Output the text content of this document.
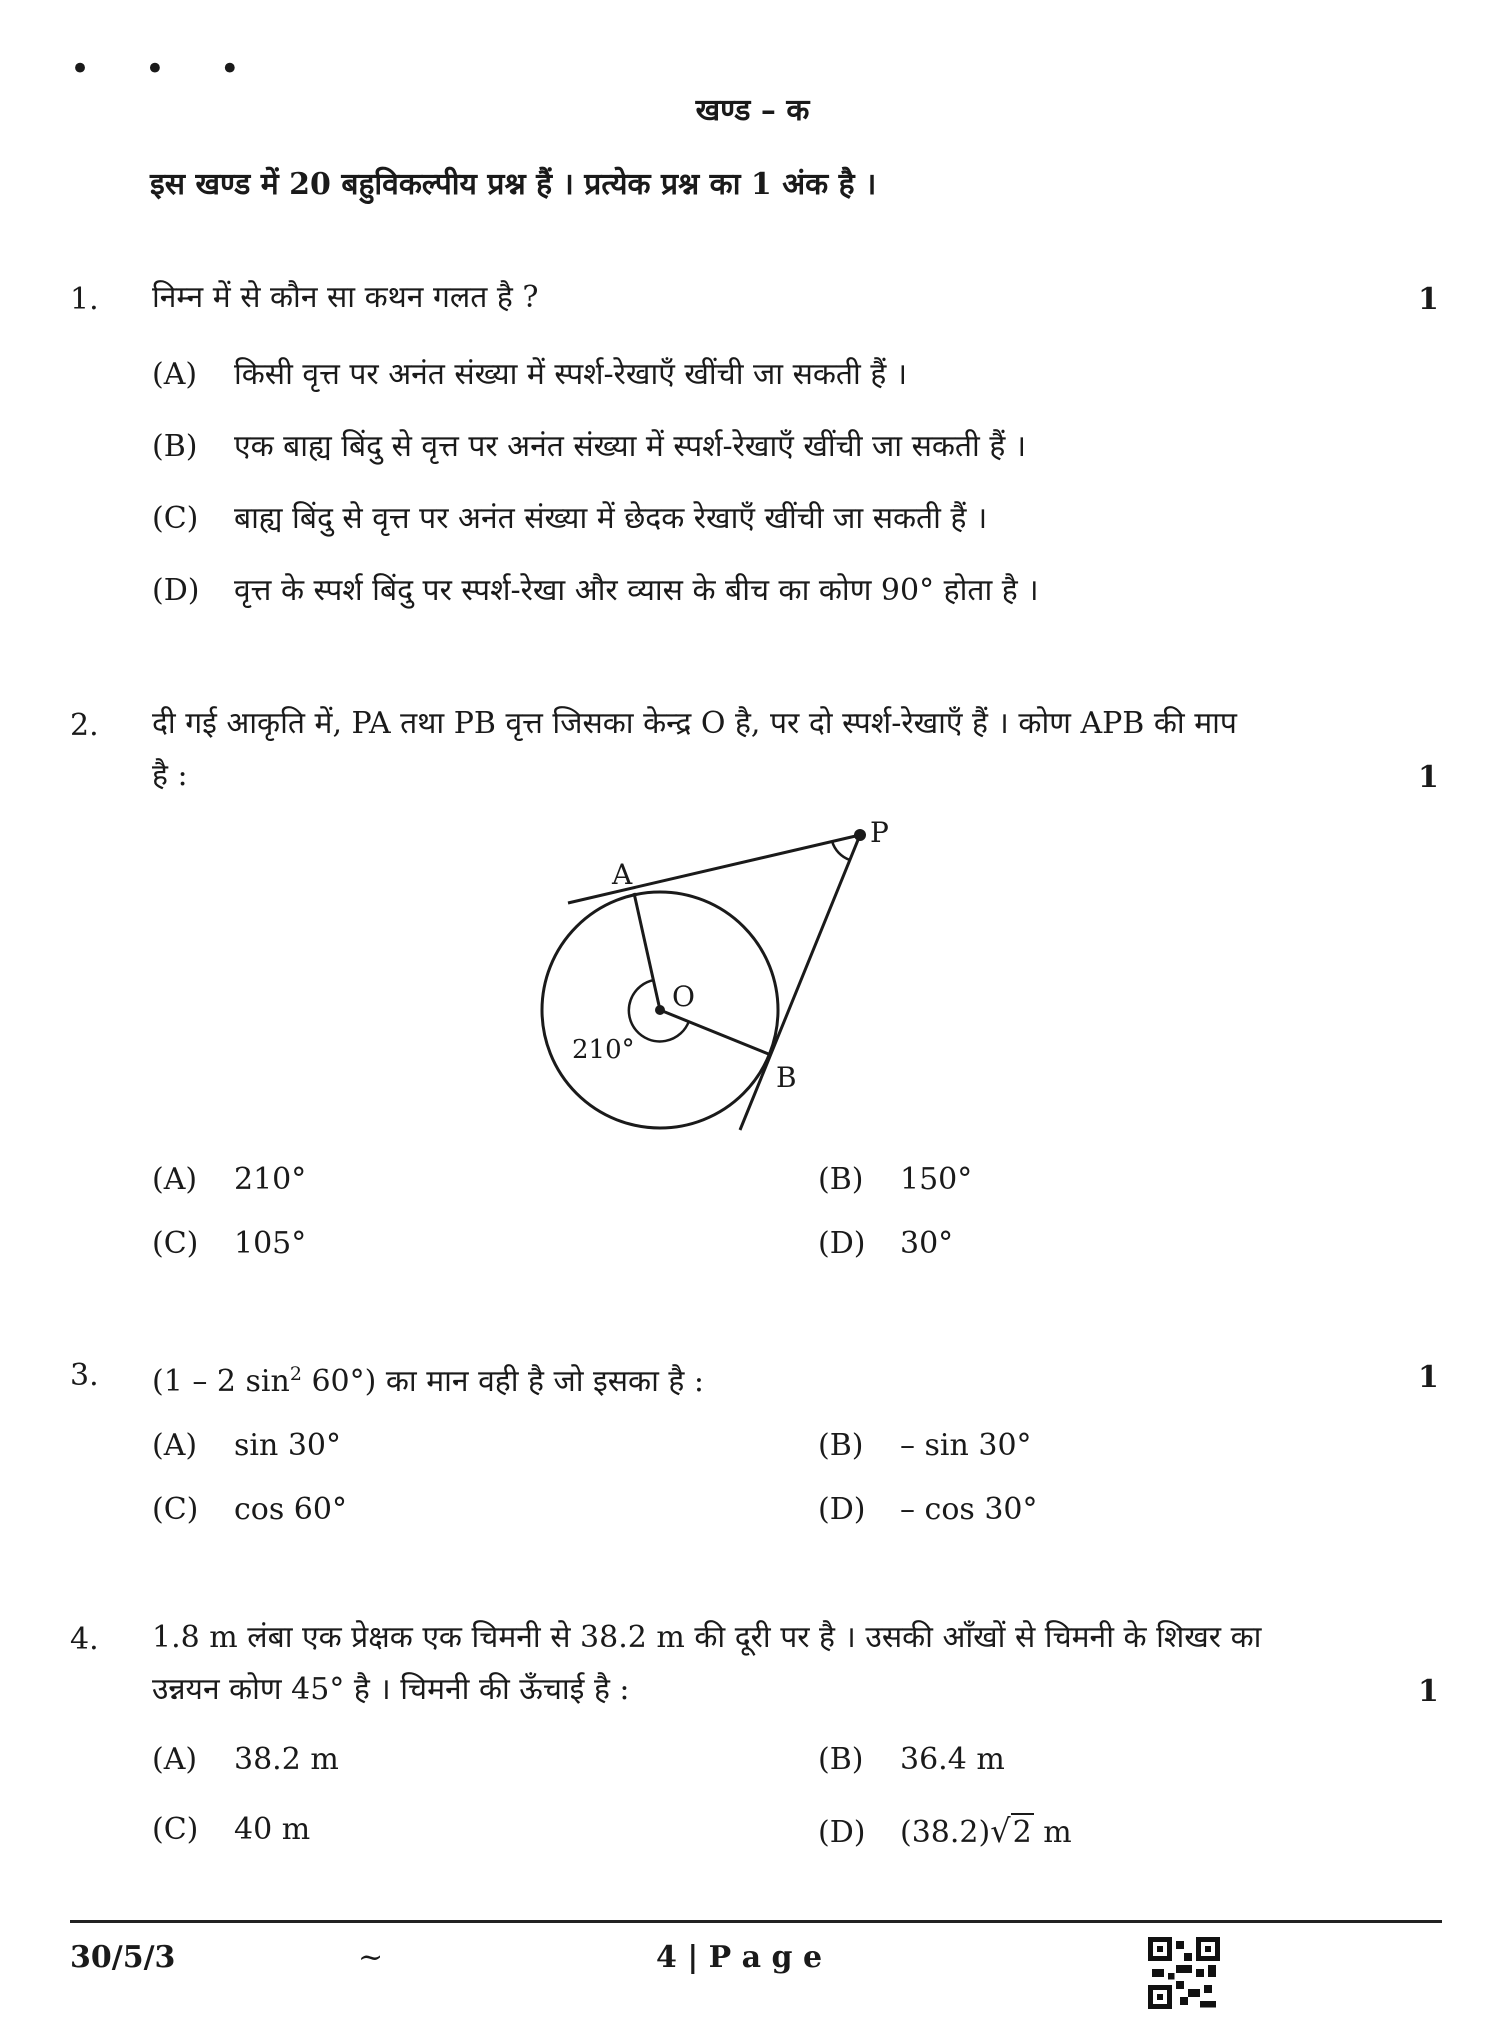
• • •
खण्ड – क
इस खण्ड में 20 बहुविकल्पीय प्रश्न हैं । प्रत्येक प्रश्न का 1 अंक है ।
1. निम्न में से कौन सा कथन गलत है ?	1
(A) किसी वृत्त पर अनंत संख्या में स्पर्श-रेखाएँ खींची जा सकती हैं ।
(B) एक बाह्य बिंदु से वृत्त पर अनंत संख्या में स्पर्श-रेखाएँ खींची जा सकती हैं ।
(C) बाह्य बिंदु से वृत्त पर अनंत संख्या में छेदक रेखाएँ खींची जा सकती हैं ।
(D) वृत्त के स्पर्श बिंदु पर स्पर्श-रेखा और व्यास के बीच का कोण 90° होता है ।
2. दी गई आकृति में, PA तथा PB वृत्त जिसका केन्द्र O है, पर दो स्पर्श-रेखाएँ हैं । कोण APB की माप
है :	1
P
A
O
B
210°
(A) 210°	(B) 150°
(C) 105°	(D) 30°
3. (1 – 2 $\sin^2 60^\circ$) का मान वही है जो इसका है :	1
(A) sin 30°	(B) – sin 30°
(C) cos 60°	(D) – cos 30°
4. 1.8 m लंबा एक प्रेक्षक एक चिमनी से 38.2 m की दूरी पर है । उसकी आँखों से चिमनी के शिखर का
उन्नयन कोण 45° है । चिमनी की ऊँचाई है :	1
(A) 38.2 m	(B) 36.4 m
(C) 40 m	(D) (38.2)√2 m
30/5/3	~	4 | P a g e
